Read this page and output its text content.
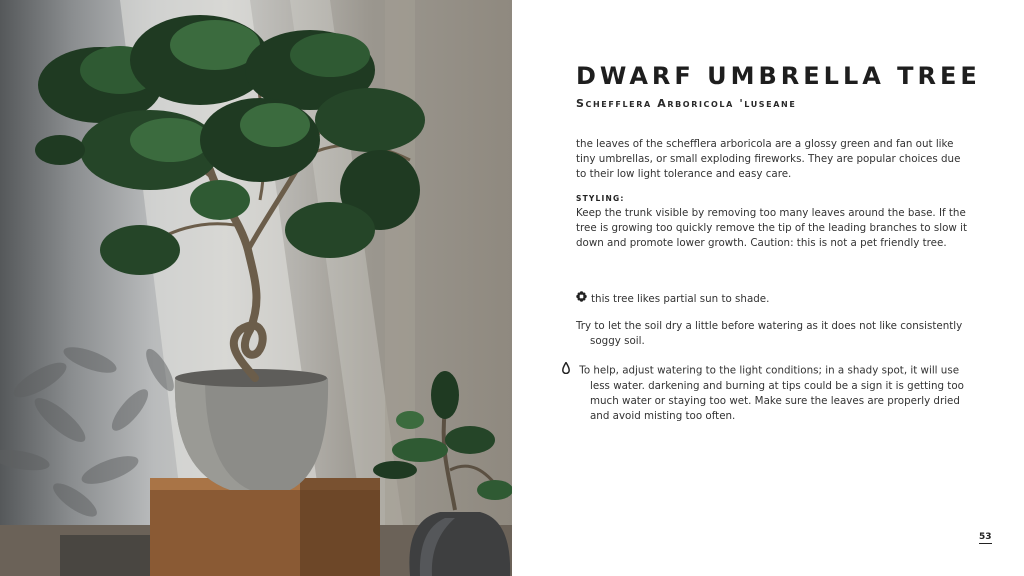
DWARF UMBRELLA TREE
Schefflera Arboricola 'luseane

the leaves of the schefflera arboricola are a glossy green and fan out like tiny umbrellas, or small exploding fireworks. They are popular choices due to their low light tolerance and easy care.

STYLING:

Keep the trunk visible by removing too many leaves around the base. If the tree is growing too quickly remove the tip of the leading branches to slow it down and promote lower growth. Caution: this is not a pet friendly tree.

this tree likes partial sun to shade.

Try to let the soil dry a little before watering as it does not like consistently soggy soil.

To help, adjust watering to the light conditions; in a shady spot, it will use less water. darkening and burning at tips could be a sign it is getting too much water or staying too wet. Make sure the leaves are properly dried and avoid misting too often.
53
